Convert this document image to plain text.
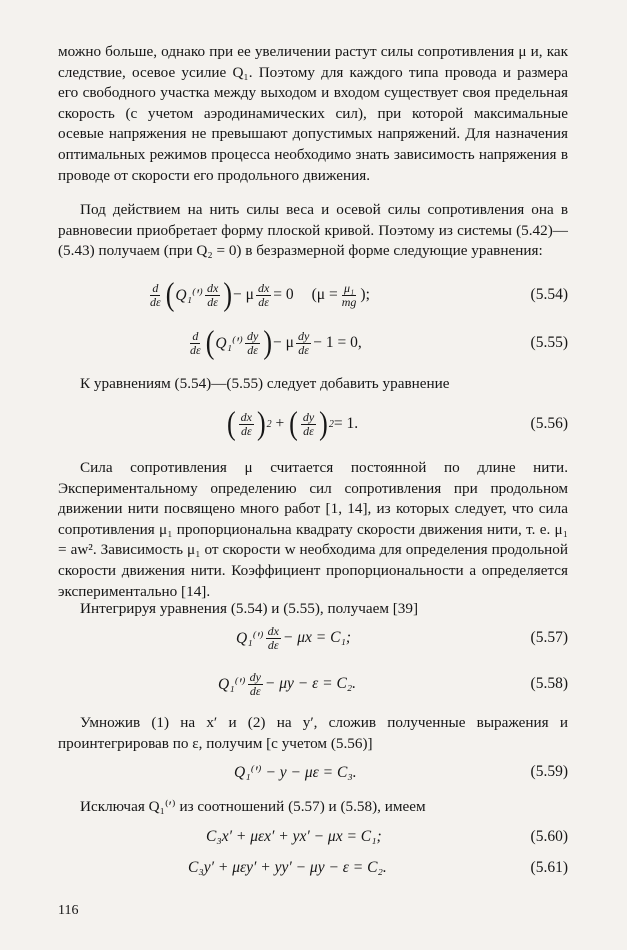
можно больше, однако при ее увеличении растут силы сопротивления μ и, как следствие, осевое усилие Q₁. Поэтому для каждого типа провода и размера его свободного участка между выходом и входом существует своя предельная скорость (с учетом аэродинамических сил), при которой максимальные осевые напряжения не превышают допустимых напряжений. Для назначения оптимальных режимов процесса необходимо знать зависимость напряжения в проводе от скорости его продольного движения.

Под действием на нить силы веса и осевой силы сопротивления она в равновесии приобретает форму плоской кривой. Поэтому из системы (5.42)—(5.43) получаем (при Q₂ = 0) в безразмерной форме следующие уравнения:

$\frac{d}{d\varepsilon}$ ( $Q_1^('^) \frac{dx}{d\varepsilon}$ ) − μ $\frac{dx}{d\varepsilon} = 0$ ($\mu = \frac{\text{μ₁}}{mg}$ );	(5.54)
$\frac{d}{d\varepsilon}$ ( $Q_1^('^) \frac{dy}{d\varepsilon}$ ) − μ $\frac{dy}{d\varepsilon} - 1 = 0$,	(5.55)

К уравнениям (5.54)—(5.55) следует добавить уравнение

( $\frac{dx}{d\varepsilon}$ ) 2 + ( $\frac{dy}{d\varepsilon}$ ) 2 = 1.	(5.56)

Сила сопротивления μ считается постоянной по длине нити. Экспериментальному определению сил сопротивления при продольном движении нити посвящено много работ [1, 14], из которых следует, что сила сопротивления μ₁ пропорциональна квадрату скорости движения нити, т. е. μ₁ = aw². Зависимость μ₁ от скорости w необходима для определения продольной скорости движения нити. Коэффициент пропорциональности a определяется экспериментально [14].

Интегрируя уравнения (5.54) и (5.55), получаем [39]

$Q_1^('^) \frac{dx}{d\varepsilon} - \mu x = C_1$;	(5.57)
$Q_1^('^) \frac{dy}{d\varepsilon} - \mu y - \varepsilon = C_2$.	(5.58)

Умножив (1) на x′ и (2) на y′, сложив полученные выражения и проинтегрировав по ε, получим [с учетом (5.56)]

Q₁⁽′⁾ − y − με = C₃.	(5.59)

Исключая Q₁⁽′⁾ из соотношений (5.57) и (5.58), имеем

C₃x′ + μεx′ + yx′ − μx = C₁;	(5.60)
C₃y′ + μεy′ + yy′ − μy − ε = C₂.	(5.61)
116
